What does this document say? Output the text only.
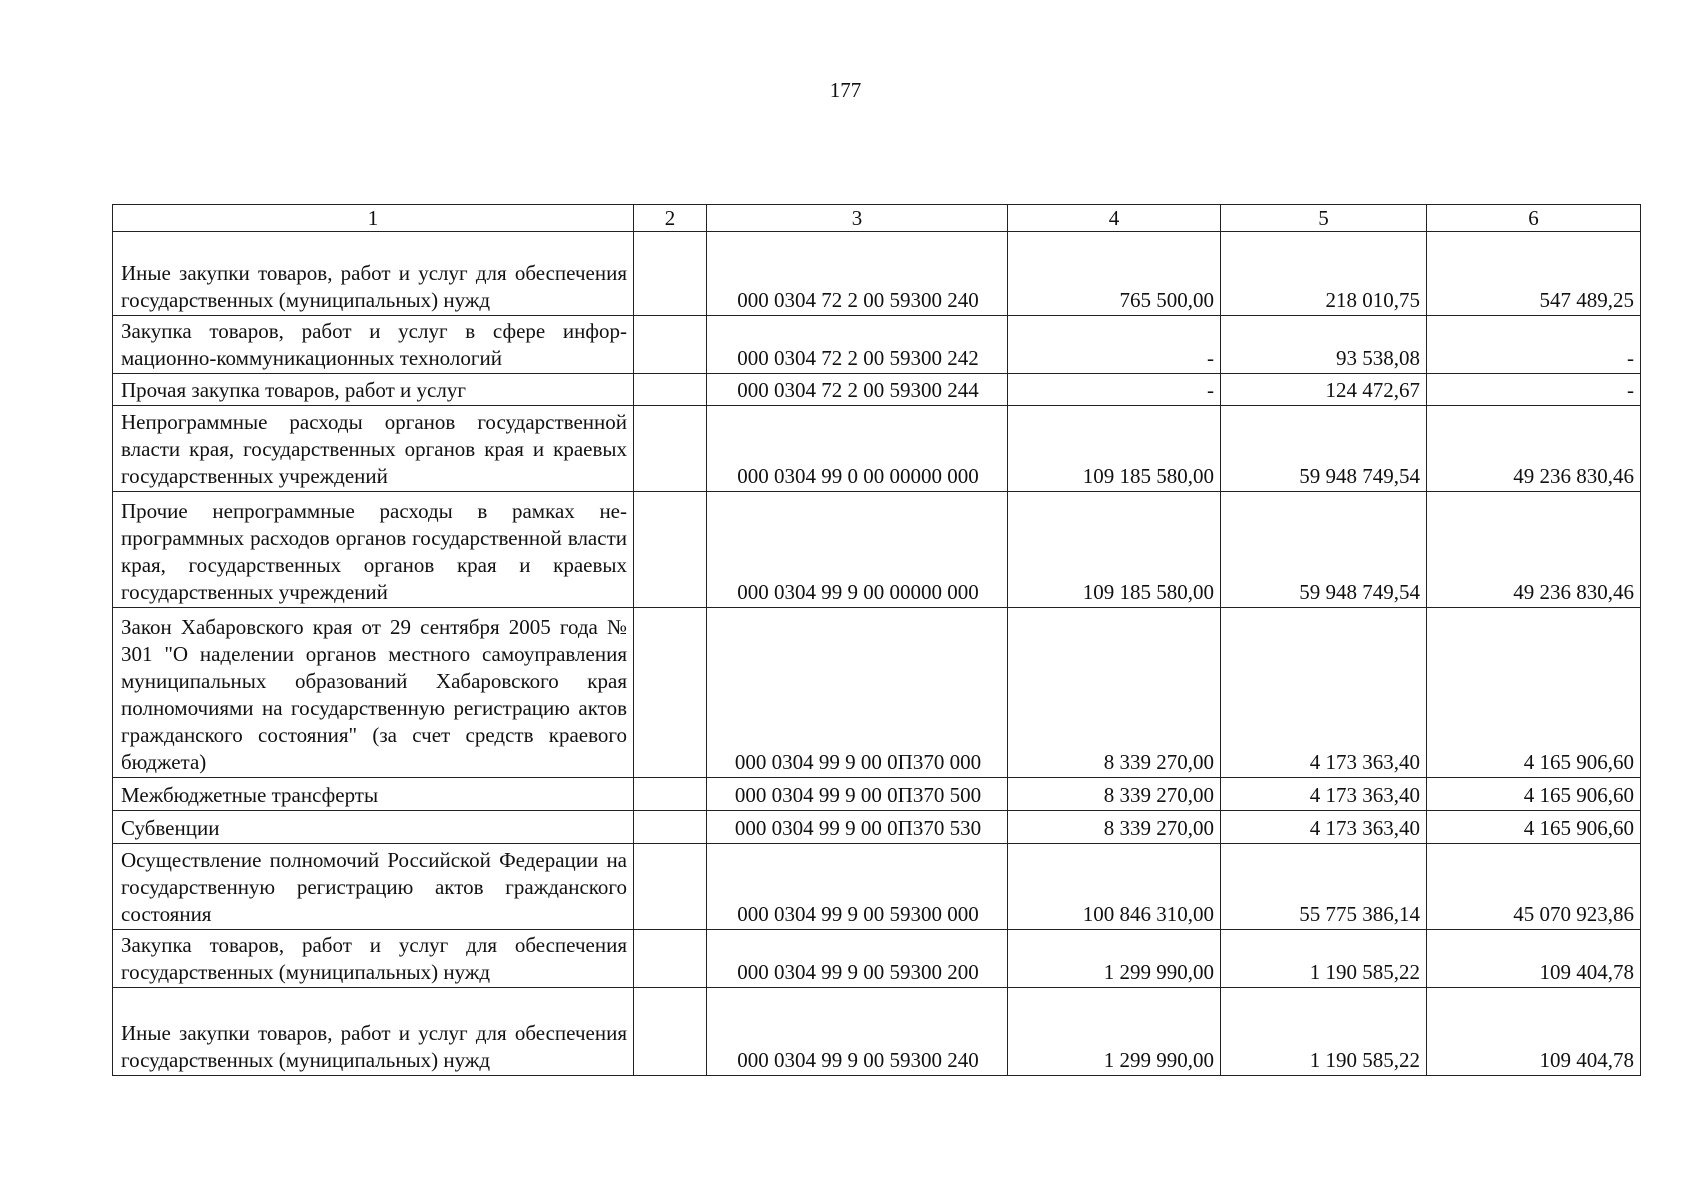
177
1	2	3	4	5	6
Иные закупки товаров, работ и услуг для обеспечения государственных (муниципальных) нужд		000 0304 72 2 00 59300 240	765 500,00	218 010,75	547 489,25
Закупка товаров, работ и услуг в сфере информационно-коммуникационных технологий		000 0304 72 2 00 59300 242	-	93 538,08	-
Прочая закупка товаров, работ и услуг		000 0304 72 2 00 59300 244	-	124 472,67	-
Непрограммные расходы органов государственной власти края, государственных органов края и краевых государственных учреждений		000 0304 99 0 00 00000 000	109 185 580,00	59 948 749,54	49 236 830,46
Прочие непрограммные расходы в рамках непрограммных расходов органов государственной власти края, государственных органов края и краевых государственных учреждений		000 0304 99 9 00 00000 000	109 185 580,00	59 948 749,54	49 236 830,46
Закон Хабаровского края от 29 сентября 2005 года № 301 "О наделении органов местного самоуправления муниципальных образований Хабаровского края полномочиями на государственную регистрацию актов гражданского состояния" (за счет средств краевого бюджета)		000 0304 99 9 00 0П370 000	8 339 270,00	4 173 363,40	4 165 906,60
Межбюджетные трансферты		000 0304 99 9 00 0П370 500	8 339 270,00	4 173 363,40	4 165 906,60
Субвенции		000 0304 99 9 00 0П370 530	8 339 270,00	4 173 363,40	4 165 906,60
Осуществление полномочий Российской Федерации на государственную регистрацию актов гражданского состояния		000 0304 99 9 00 59300 000	100 846 310,00	55 775 386,14	45 070 923,86
Закупка товаров, работ и услуг для обеспечения государственных (муниципальных) нужд		000 0304 99 9 00 59300 200	1 299 990,00	1 190 585,22	109 404,78
Иные закупки товаров, работ и услуг для обеспечения государственных (муниципальных) нужд		000 0304 99 9 00 59300 240	1 299 990,00	1 190 585,22	109 404,78
